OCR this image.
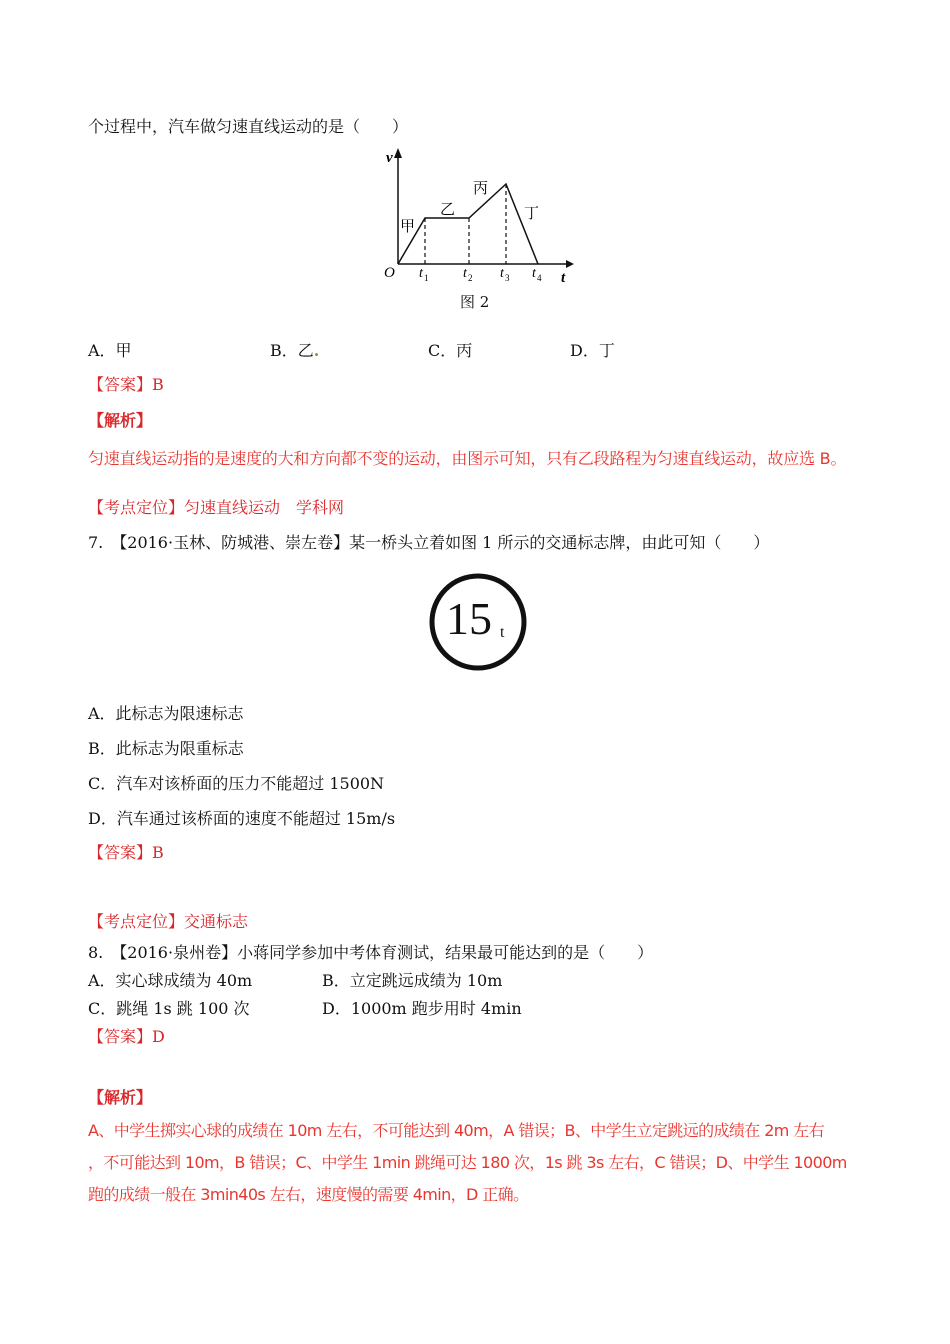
个过程中，汽车做匀速直线运动的是（　　）
v
t
O
甲
乙
丙
丁
t 1 t 2 t 3 t 4
图 2
A．甲	B．乙.	C．丙	D．丁
【答案】B
【解析】
匀速直线运动指的是速度的大和方向都不变的运动，由图示可知，只有乙段路程为匀速直线运动，故应选 B。
【考点定位】匀速直线运动　学科网
7.　【2016·玉林、防城港、崇左卷】某一桥头立着如图 1 所示的交通标志牌，由此可知（　　）
15 t
A．此标志为限速标志
B．此标志为限重标志
C．汽车对该桥面的压力不能超过 1500N
D．汽车通过该桥面的速度不能超过 15m/s
【答案】B
【考点定位】交通标志
8.　【2016·泉州卷】小蒋同学参加中考体育测试，结果最可能达到的是（　　）
A．实心球成绩为 40m	B．立定跳远成绩为 10m
C．跳绳 1s 跳 100 次	D．1000m 跑步用时 4min
【答案】D
【解析】
A、中学生掷实心球的成绩在 10m 左右，不可能达到 40m，A 错误；B、中学生立定跳远的成绩在 2m 左右
，不可能达到 10m，B 错误；C、中学生 1min 跳绳可达 180 次，1s 跳 3s 左右，C 错误；D、中学生 1000m
跑的成绩一般在 3min40s 左右，速度慢的需要 4min，D 正确。
